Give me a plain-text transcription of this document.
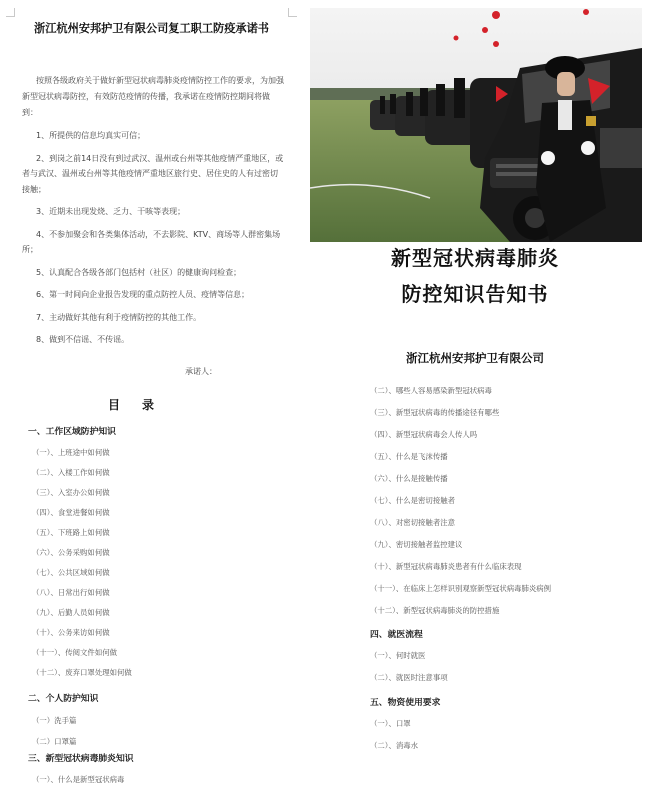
浙江杭州安邦护卫有限公司复工职工防疫承诺书
按照各级政府关于做好新型冠状病毒肺炎疫情防控工作的要求，为加强新型冠状病毒防控，有效防范疫情的传播，我承诺在疫情防控期间将做到：
1、所提供的信息均真实可信；
2、到岗之前14日没有到过武汉、温州或台州等其他疫情严重地区，或者与武汉、温州或台州等其他疫情严重地区旅行史、居住史的人有过密切接触；
3、近期未出现发烧、乏力、干咳等表现；
4、不参加聚会和各类集体活动，不去影院、KTV、商场等人群密集场所；
5、认真配合各级各部门包括村（社区）的健康询问检查；
6、第一时间向企业报告发现的重点防控人员、疫情等信息；
7、主动做好其他有利于疫情防控的其他工作。
8、做到不信谣、不传谣。
承诺人：
新型冠状病毒肺炎
防控知识告知书
浙江杭州安邦护卫有限公司
目录
一、工作区域防护知识
（一）、上班途中如何做
（二）、入楼工作如何做
（三）、入室办公如何做
（四）、食堂进餐如何做
（五）、下班路上如何做
（六）、公务采购如何做
（七）、公共区域如何做
（八）、日常出行如何做
（九）、后勤人员如何做
（十）、公务来访如何做
（十一）、传阅文件如何做
（十二）、废弃口罩处理如何做
二、个人防护知识
（一）洗手篇
（二）口罩篇
三、新型冠状病毒肺炎知识
（一）、什么是新型冠状病毒
（二）、哪些人容易感染新型冠状病毒
（三）、新型冠状病毒的传播途径有哪些
（四）、新型冠状病毒会人传人吗
（五）、什么是飞沫传播
（六）、什么是接触传播
（七）、什么是密切接触者
（八）、对密切接触者注意
（九）、密切接触者监控建议
（十）、新型冠状病毒肺炎患者有什么临床表现
（十一）、在临床上怎样识别观察新型冠状病毒肺炎病例
（十二）、新型冠状病毒肺炎的防控措施
四、就医流程
（一）、何时就医
（二）、就医时注意事项
五、物资使用要求
（一）、口罩
（二）、消毒水
